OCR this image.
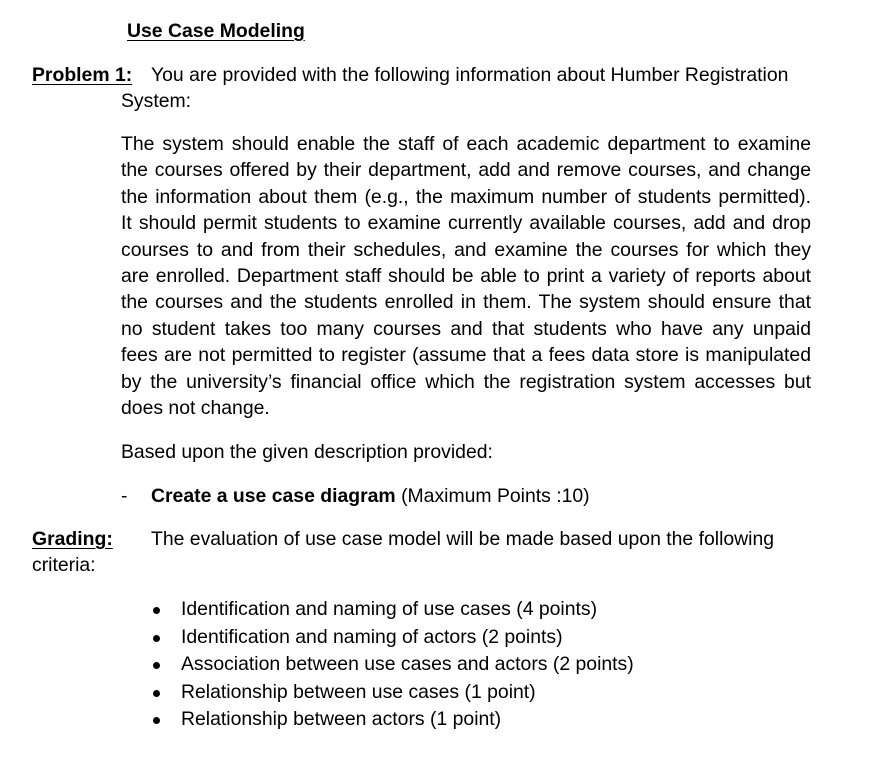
Use Case Modeling
Problem 1: You are provided with the following information about Humber Registration
System:
The system should enable the staff of each academic department to examine
the courses offered by their department, add and remove courses, and change
the information about them (e.g., the maximum number of students permitted).
It should permit students to examine currently available courses, add and drop
courses to and from their schedules, and examine the courses for which they
are enrolled. Department staff should be able to print a variety of reports about
the courses and the students enrolled in them. The system should ensure that
no student takes too many courses and that students who have any unpaid
fees are not permitted to register (assume that a fees data store is manipulated
by the university’s financial office which the registration system accesses but
does not change.
Based upon the given description provided:
- Create a use case diagram (Maximum Points :10)
Grading: The evaluation of use case model will be made based upon the following
criteria:
Identification and naming of use cases (4 points)
Identification and naming of actors (2 points)
Association between use cases and actors (2 points)
Relationship between use cases (1 point)
Relationship between actors (1 point)
